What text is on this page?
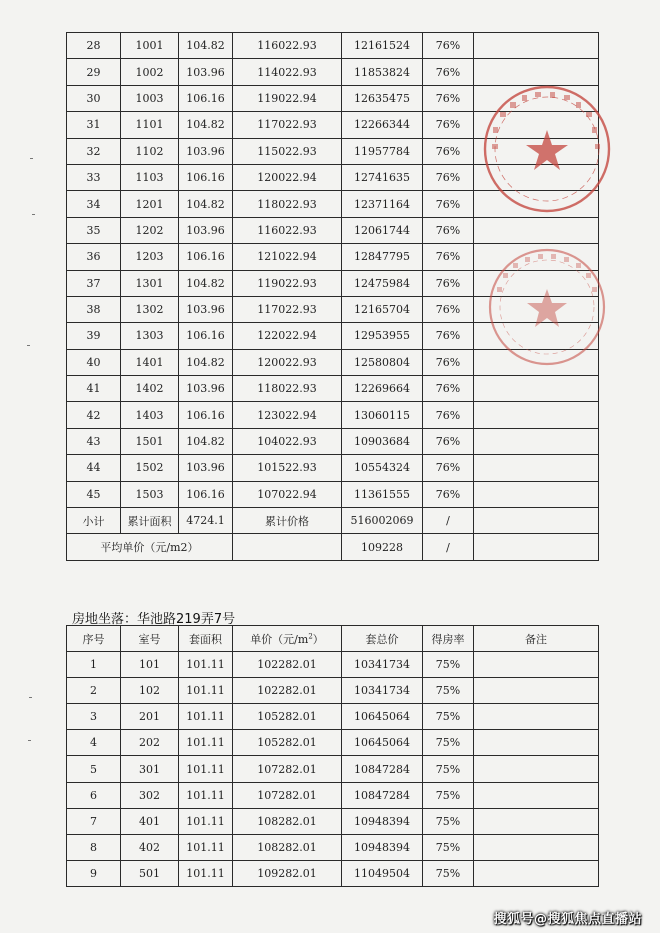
28	1001	104.82	116022.93	12161524	76%	
29	1002	103.96	114022.93	11853824	76%	
30	1003	106.16	119022.94	12635475	76%	
31	1101	104.82	117022.93	12266344	76%	
32	1102	103.96	115022.93	11957784	76%	
33	1103	106.16	120022.94	12741635	76%	
34	1201	104.82	118022.93	12371164	76%	
35	1202	103.96	116022.93	12061744	76%	
36	1203	106.16	121022.94	12847795	76%	
37	1301	104.82	119022.93	12475984	76%	
38	1302	103.96	117022.93	12165704	76%	
39	1303	106.16	122022.94	12953955	76%	
40	1401	104.82	120022.93	12580804	76%	
41	1402	103.96	118022.93	12269664	76%	
42	1403	106.16	123022.94	13060115	76%	
43	1501	104.82	104022.93	10903684	76%	
44	1502	103.96	101522.93	10554324	76%	
45	1503	106.16	107022.94	11361555	76%	
小计	累计面积	4724.1	累计价格	516002069	/	
平均单价（元/m2）				109228	/	
房地坐落：华池路219弄7号
序号	室号	套面积	单价（元$/m^2$）	套总价	得房率	备注
1	101	101.11	102282.01	10341734	75%	
2	102	101.11	102282.01	10341734	75%	
3	201	101.11	105282.01	10645064	75%	
4	202	101.11	105282.01	10645064	75%	
5	301	101.11	107282.01	10847284	75%	
6	302	101.11	107282.01	10847284	75%	
7	401	101.11	108282.01	10948394	75%	
8	402	101.11	108282.01	10948394	75%	
9	501	101.11	109282.01	11049504	75%	
搜狐号@搜狐焦点直播站
